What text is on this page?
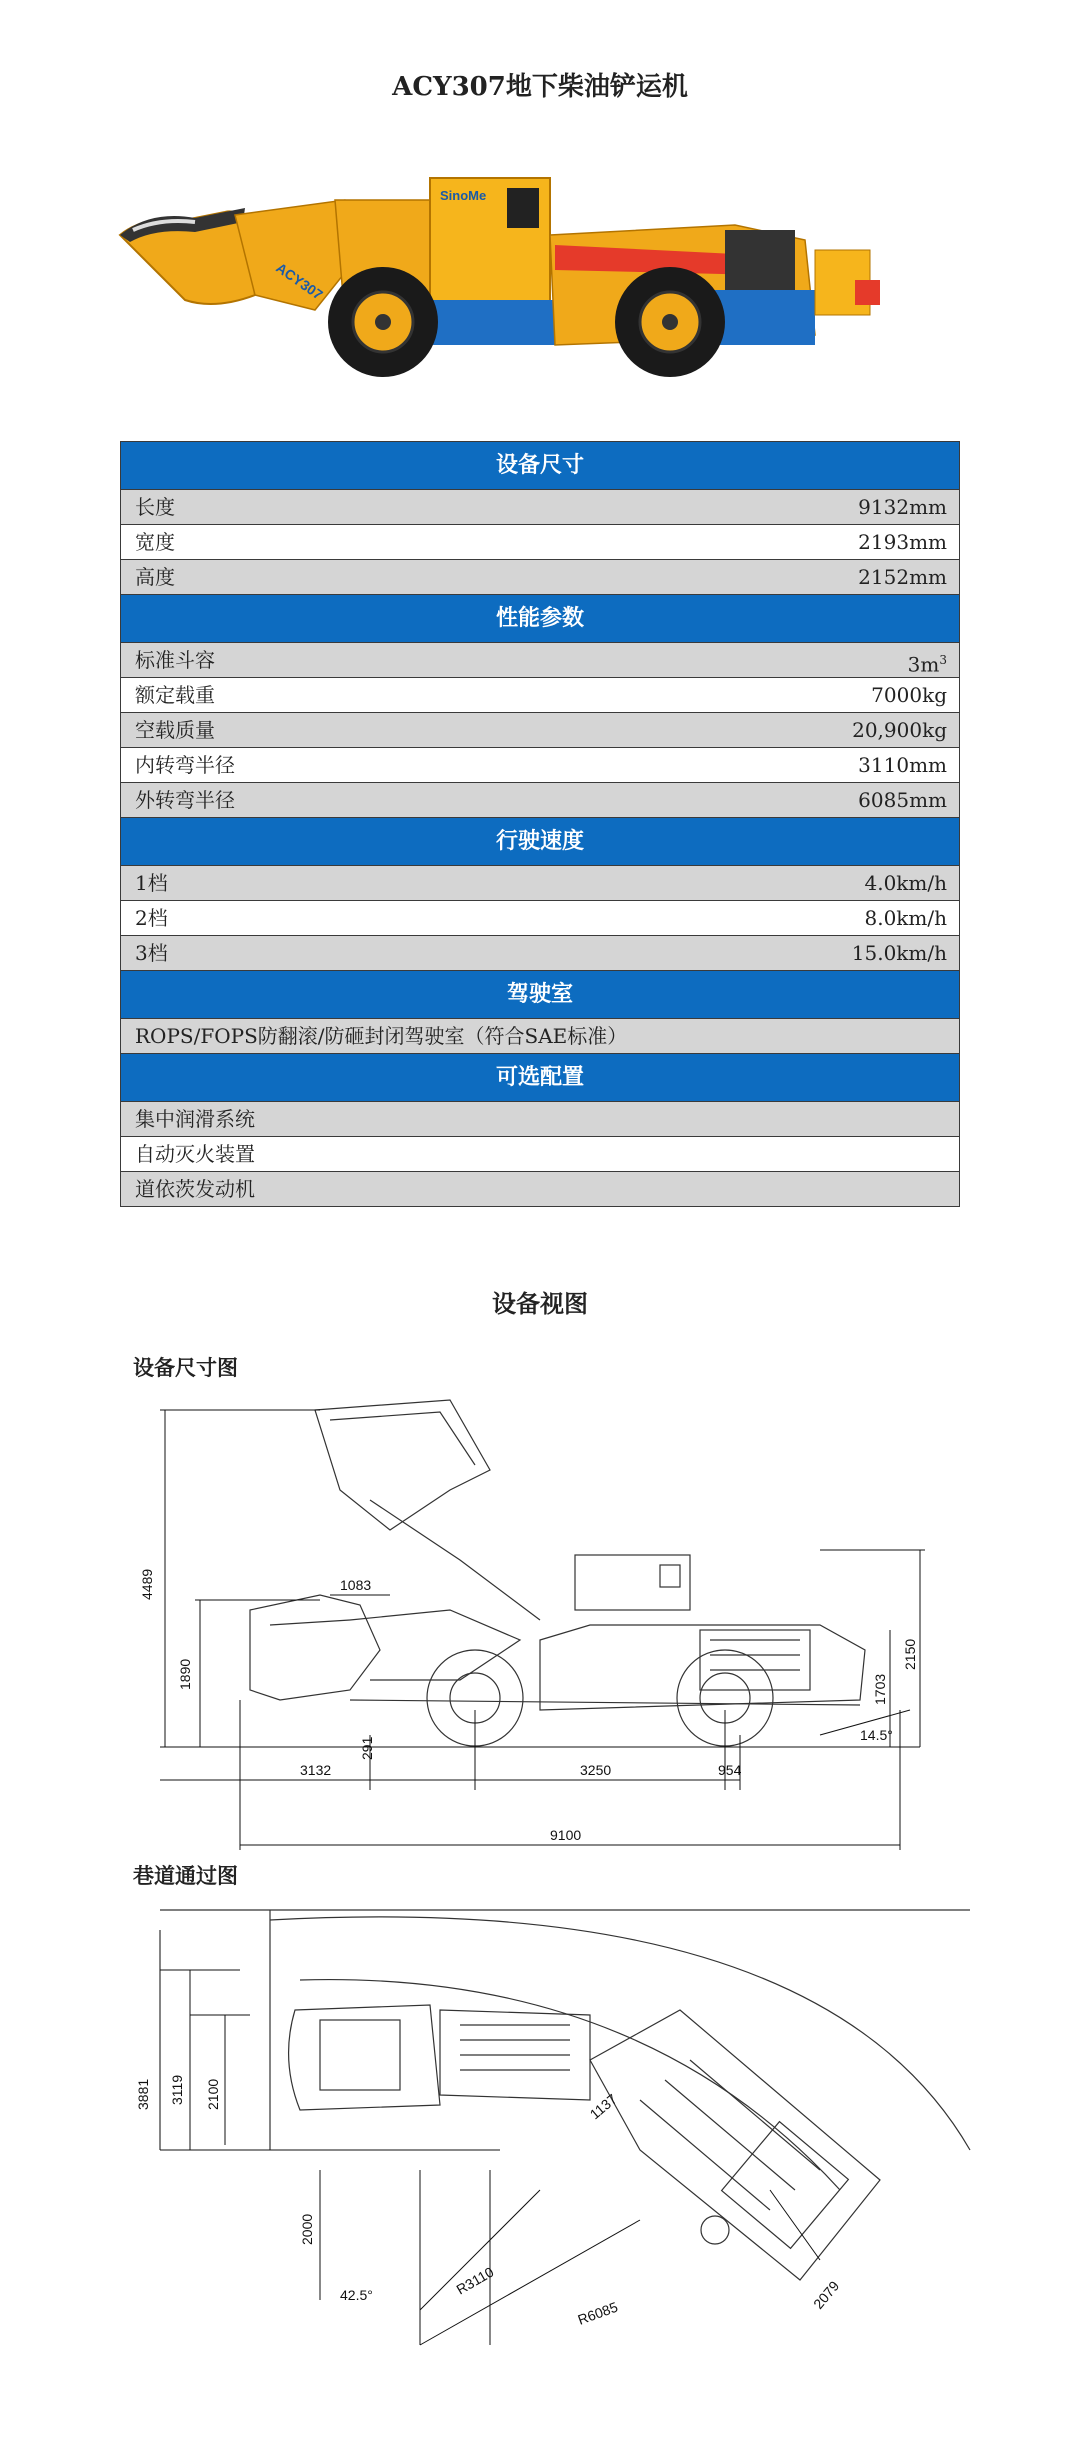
ACY307地下柴油铲运机
ACY307
SinoMe
设备尺寸
长度	9132mm
宽度	2193mm
高度	2152mm
性能参数
标准斗容	$3m^3$
额定载重	7000kg
空载质量	20,900kg
内转弯半径	3110mm
外转弯半径	6085mm
行驶速度
1档	4.0km/h
2档	8.0km/h
3档	15.0km/h
驾驶室
ROPS/FOPS防翻滚/防砸封闭驾驶室（符合SAE标准）
可选配置
集中润滑系统
自动灭火装置
道依茨发动机
设备视图
设备尺寸图
4489
1890
1083
291
2150
1703
14.5°
3132	3250	954
9100
巷道通过图
3881 3119 2100
2000
42.5°
1137
2079
R3110
R6085
